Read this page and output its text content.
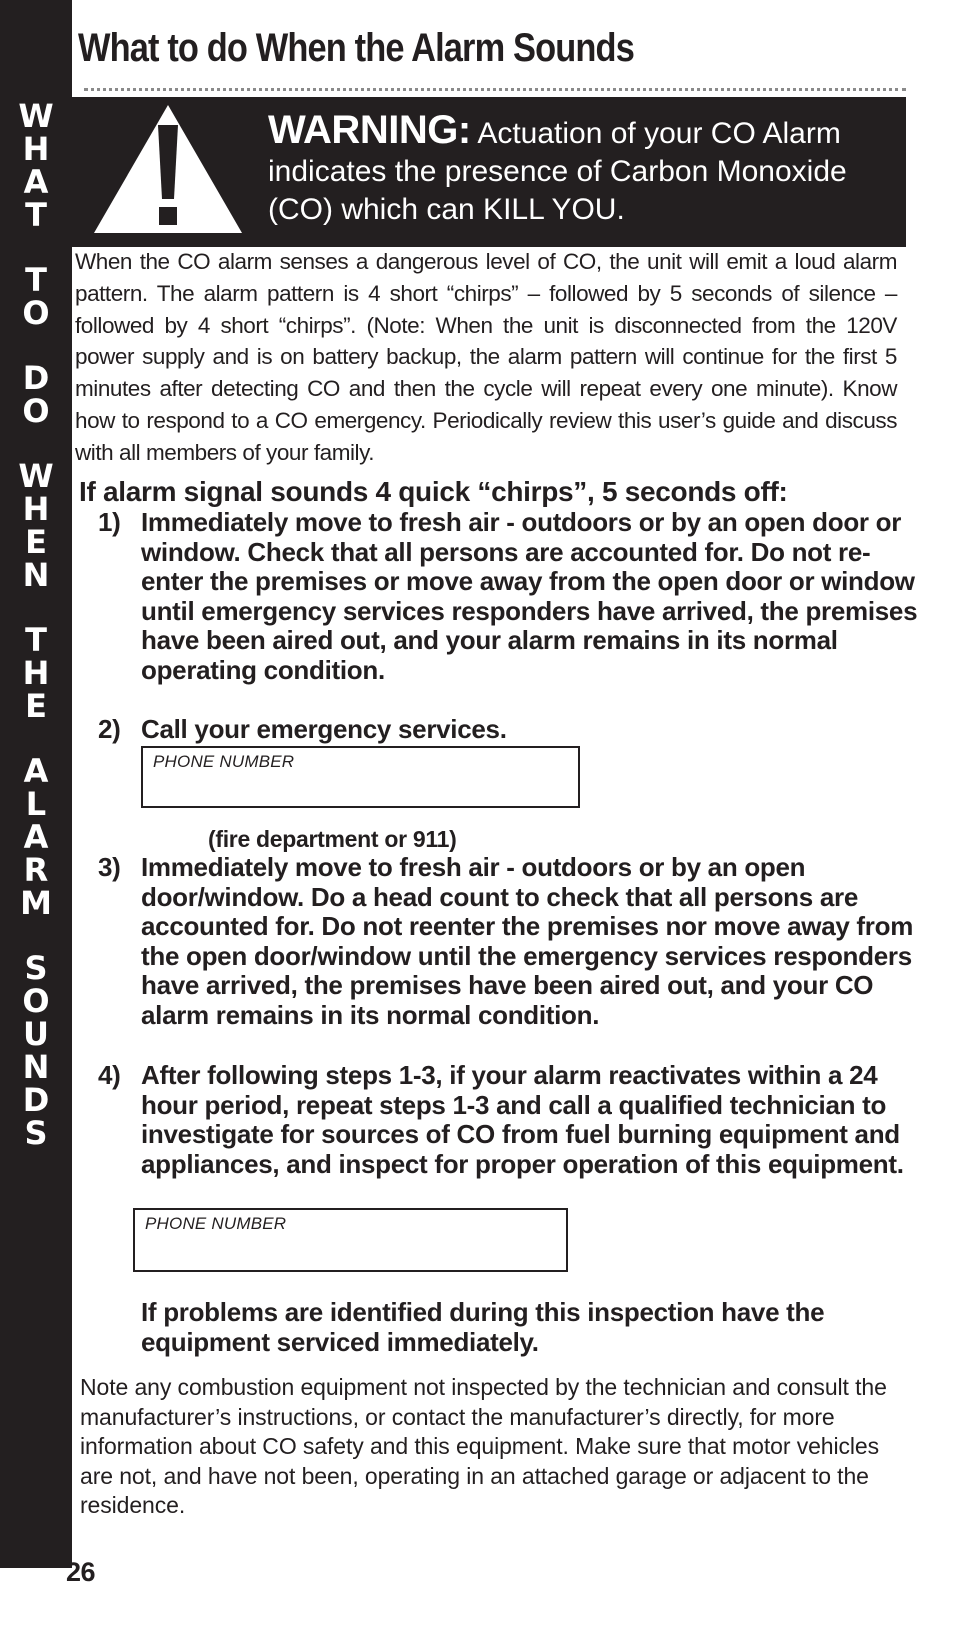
W
H
A
T
T
O
D
O
W
H
E
N
T
H
E
A
L
A
R
M
S
O
U
N
D
S
What to do When the Alarm Sounds
WARNING: Actuation of your CO Alarm indicates the presence of Carbon Monoxide (CO) which can KILL YOU.

When the CO alarm senses a dangerous level of CO, the unit will emit a loud alarm pattern. The alarm pattern is 4 short “chirps” – followed by 5 seconds of silence – followed by 4 short “chirps”. (Note: When the unit is disconnected from the 120V power supply and is on battery backup, the alarm pattern will continue for the first 5 minutes after detecting CO and then the cycle will repeat every one minute). Know how to respond to a CO emergency. Periodically review this user’s guide and discuss with all members of your family.

If alarm signal sounds 4 quick “chirps”, 5 seconds off:
1) Immediately move to fresh air - outdoors or by an open door or window. Check that all persons are accounted for. Do not re-enter the premises or move away from the open door or window until emergency services responders have arrived, the premises have been aired out, and your alarm remains in its normal operating condition.
2) Call your emergency services.
PHONE NUMBER
(fire department or 911)
3) Immediately move to fresh air - outdoors or by an open door/window. Do a head count to check that all persons are accounted for. Do not reenter the premises nor move away from the open door/window until the emergency services responders have arrived, the premises have been aired out, and your CO alarm remains in its normal condition.
4) After following steps 1-3, if your alarm reactivates within a 24 hour period, repeat steps 1-3 and call a qualified technician to investigate for sources of CO from fuel burning equipment and appliances, and inspect for proper operation of this equipment.
PHONE NUMBER
If problems are identified during this inspection have the equipment serviced immediately.

Note any combustion equipment not inspected by the technician and consult the manufacturer’s instructions, or contact the manufacturer’s directly, for more information about CO safety and this equipment. Make sure that motor vehicles are not, and have not been, operating in an attached garage or adjacent to the residence.

26
